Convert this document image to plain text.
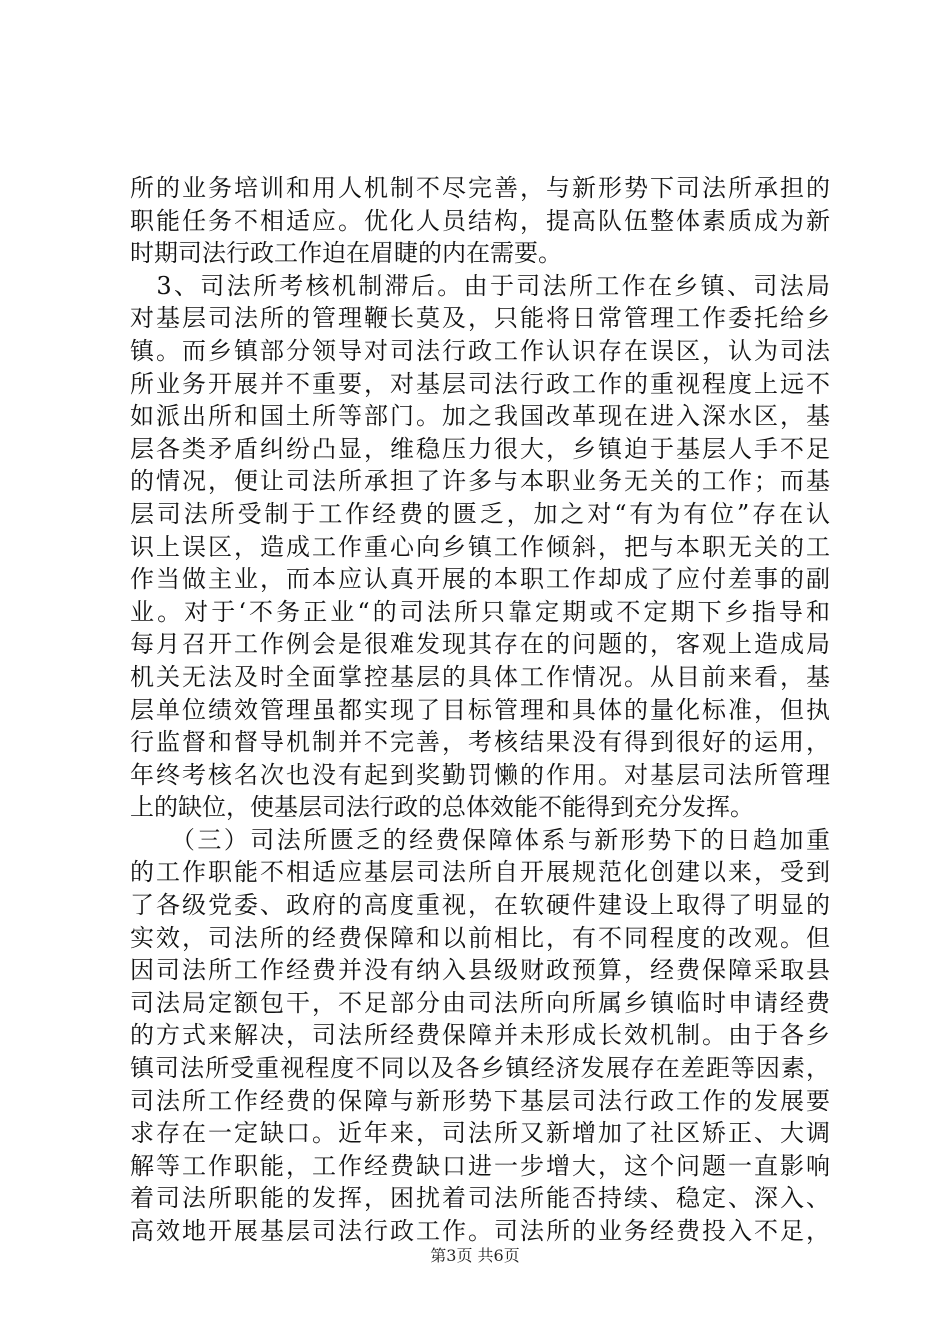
所的业务培训和用人机制不尽完善，与新形势下司法所承担的
职能任务不相适应。优化人员结构，提高队伍整体素质成为新
时期司法行政工作迫在眉睫的内在需要。
　3、司法所考核机制滞后。由于司法所工作在乡镇、司法局
对基层司法所的管理鞭长莫及，只能将日常管理工作委托给乡
镇。而乡镇部分领导对司法行政工作认识存在误区，认为司法
所业务开展并不重要，对基层司法行政工作的重视程度上远不
如派出所和国土所等部门。加之我国改革现在进入深水区，基
层各类矛盾纠纷凸显，维稳压力很大，乡镇迫于基层人手不足
的情况，便让司法所承担了许多与本职业务无关的工作；而基
层司法所受制于工作经费的匮乏，加之对“有为有位”存在认
识上误区，造成工作重心向乡镇工作倾斜，把与本职无关的工
作当做主业，而本应认真开展的本职工作却成了应付差事的副
业。对于‘不务正业“的司法所只靠定期或不定期下乡指导和
每月召开工作例会是很难发现其存在的问题的，客观上造成局
机关无法及时全面掌控基层的具体工作情况。从目前来看，基
层单位绩效管理虽都实现了目标管理和具体的量化标准，但执
行监督和督导机制并不完善，考核结果没有得到很好的运用，
年终考核名次也没有起到奖勤罚懒的作用。对基层司法所管理
上的缺位，使基层司法行政的总体效能不能得到充分发挥。
　　（三）司法所匮乏的经费保障体系与新形势下的日趋加重
的工作职能不相适应基层司法所自开展规范化创建以来，受到
了各级党委、政府的高度重视，在软硬件建设上取得了明显的
实效，司法所的经费保障和以前相比，有不同程度的改观。但
因司法所工作经费并没有纳入县级财政预算，经费保障采取县
司法局定额包干，不足部分由司法所向所属乡镇临时申请经费
的方式来解决，司法所经费保障并未形成长效机制。由于各乡
镇司法所受重视程度不同以及各乡镇经济发展存在差距等因素，
司法所工作经费的保障与新形势下基层司法行政工作的发展要
求存在一定缺口。近年来，司法所又新增加了社区矫正、大调
解等工作职能，工作经费缺口进一步增大，这个问题一直影响
着司法所职能的发挥，困扰着司法所能否持续、稳定、深入、
高效地开展基层司法行政工作。司法所的业务经费投入不足，
第3页 共6页
